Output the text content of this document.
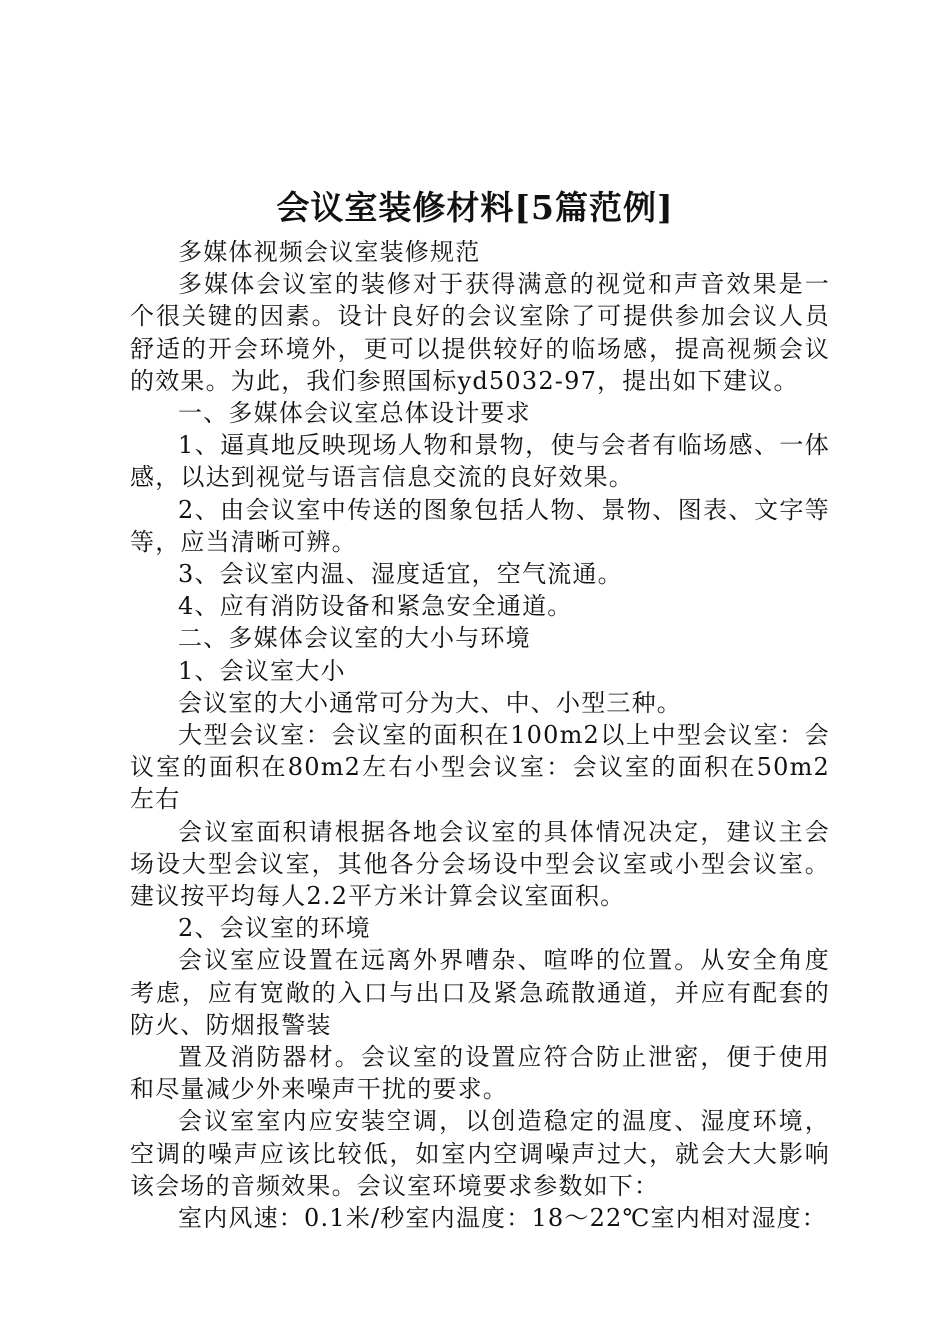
会议室装修材料[5篇范例]

多媒体视频会议室装修规范

多媒体会议室的装修对于获得满意的视觉和声音效果是一个很关键的因素。设计良好的会议室除了可提供参加会议人员舒适的开会环境外，更可以提供较好的临场感，提高视频会议的效果。为此，我们参照国标yd5032-97，提出如下建议。

一、多媒体会议室总体设计要求

1、逼真地反映现场人物和景物，使与会者有临场感、一体感，以达到视觉与语言信息交流的良好效果。

2、由会议室中传送的图象包括人物、景物、图表、文字等等，应当清晰可辨。

3、会议室内温、湿度适宜，空气流通。

4、应有消防设备和紧急安全通道。

二、多媒体会议室的大小与环境

1、会议室大小

会议室的大小通常可分为大、中、小型三种。

大型会议室：会议室的面积在100m2以上中型会议室：会议室的面积在80m2左右小型会议室：会议室的面积在50m2左右

会议室面积请根据各地会议室的具体情况决定，建议主会场设大型会议室，其他各分会场设中型会议室或小型会议室。建议按平均每人2.2平方米计算会议室面积。

2、会议室的环境

会议室应设置在远离外界嘈杂、喧哗的位置。从安全角度考虑，应有宽敞的入口与出口及紧急疏散通道，并应有配套的防火、防烟报警装

置及消防器材。会议室的设置应符合防止泄密，便于使用和尽量减少外来噪声干扰的要求。

会议室室内应安装空调，以创造稳定的温度、湿度环境，空调的噪声应该比较低，如室内空调噪声过大，就会大大影响该会场的音频效果。会议室环境要求参数如下：

室内风速：0.1米/秒室内温度：18～22℃室内相对湿度：
